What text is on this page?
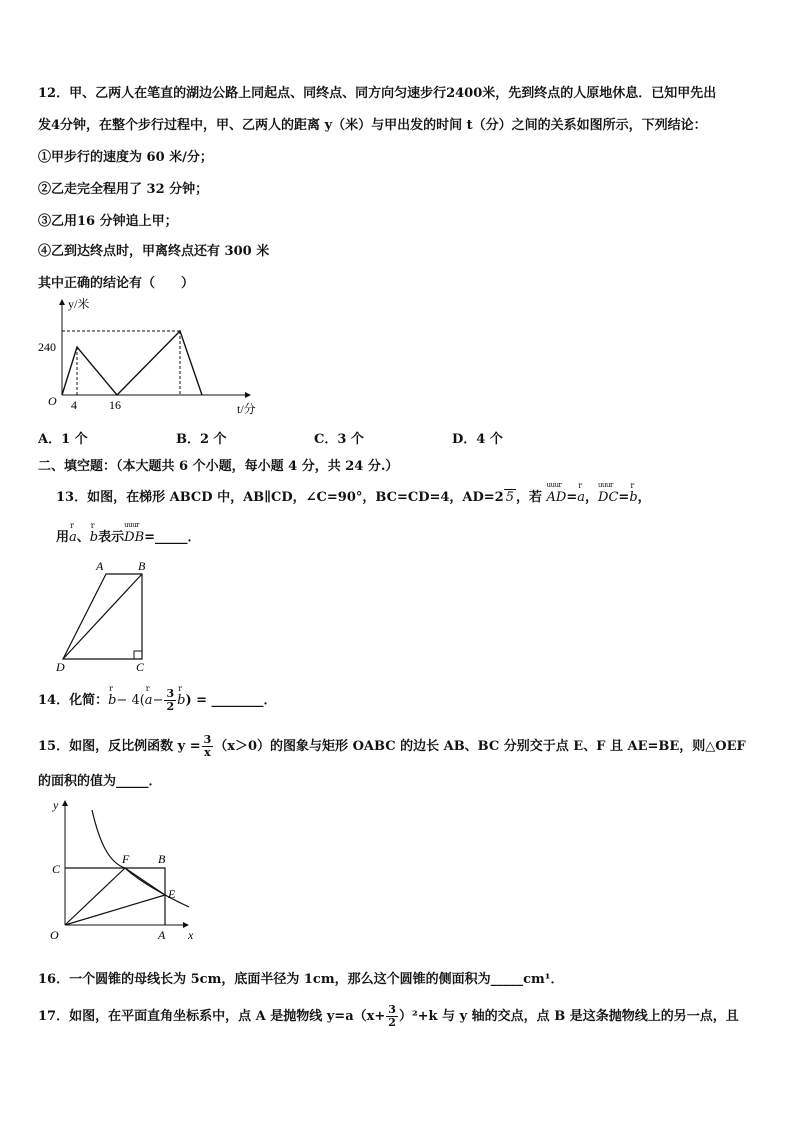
12．甲、乙两人在笔直的湖边公路上同起点、同终点、同方向匀速步行2400米，先到终点的人原地休息．已知甲先出
发4分钟，在整个步行过程中，甲、乙两人的距离 y（米）与甲出发的时间 t（分）之间的关系如图所示，下列结论：
①甲步行的速度为 60 米/分；
②乙走完全程用了 32 分钟；
③乙用16 分钟追上甲；
④乙到达终点时，甲离终点还有 300 米
其中正确的结论有（　　）
y/米
t/分
O
240
4	16
A．1 个	B．2 个	C．3 个	D．4 个
二、填空题：（本大题共 6 个小题，每小题 4 分，共 24 分.）
13．如图，在梯形 ABCD 中，AB∥CD，∠C=90°，BC=CD=4，AD=2 5 ，若 uuur AD=r a，uuur DC=r b，
用r a、r b表示uuur DB=_____．
A	B
C
D
14．化简：r b− 4(r $a- \frac{3}{2}$ r b) = ________．
15．如图，反比例函数 $y = \frac{3}{x} (x>0)$的图象与矩形 OABC 的边长 AB、BC 分别交于点 E、F 且 AE=BE，则△OEF
的面积的值为_____．
y
x
C
F B
E
O	A
16．一个圆锥的母线长为 5cm，底面半径为 1cm，那么这个圆锥的侧面积为_____cm¹．
17．如图，在平面直角坐标系中，点 A 是抛物线 $y=a(x+ \frac{3}{2} )^2+k$ 与 y 轴的交点，点 B 是这条抛物线上的另一点，且
